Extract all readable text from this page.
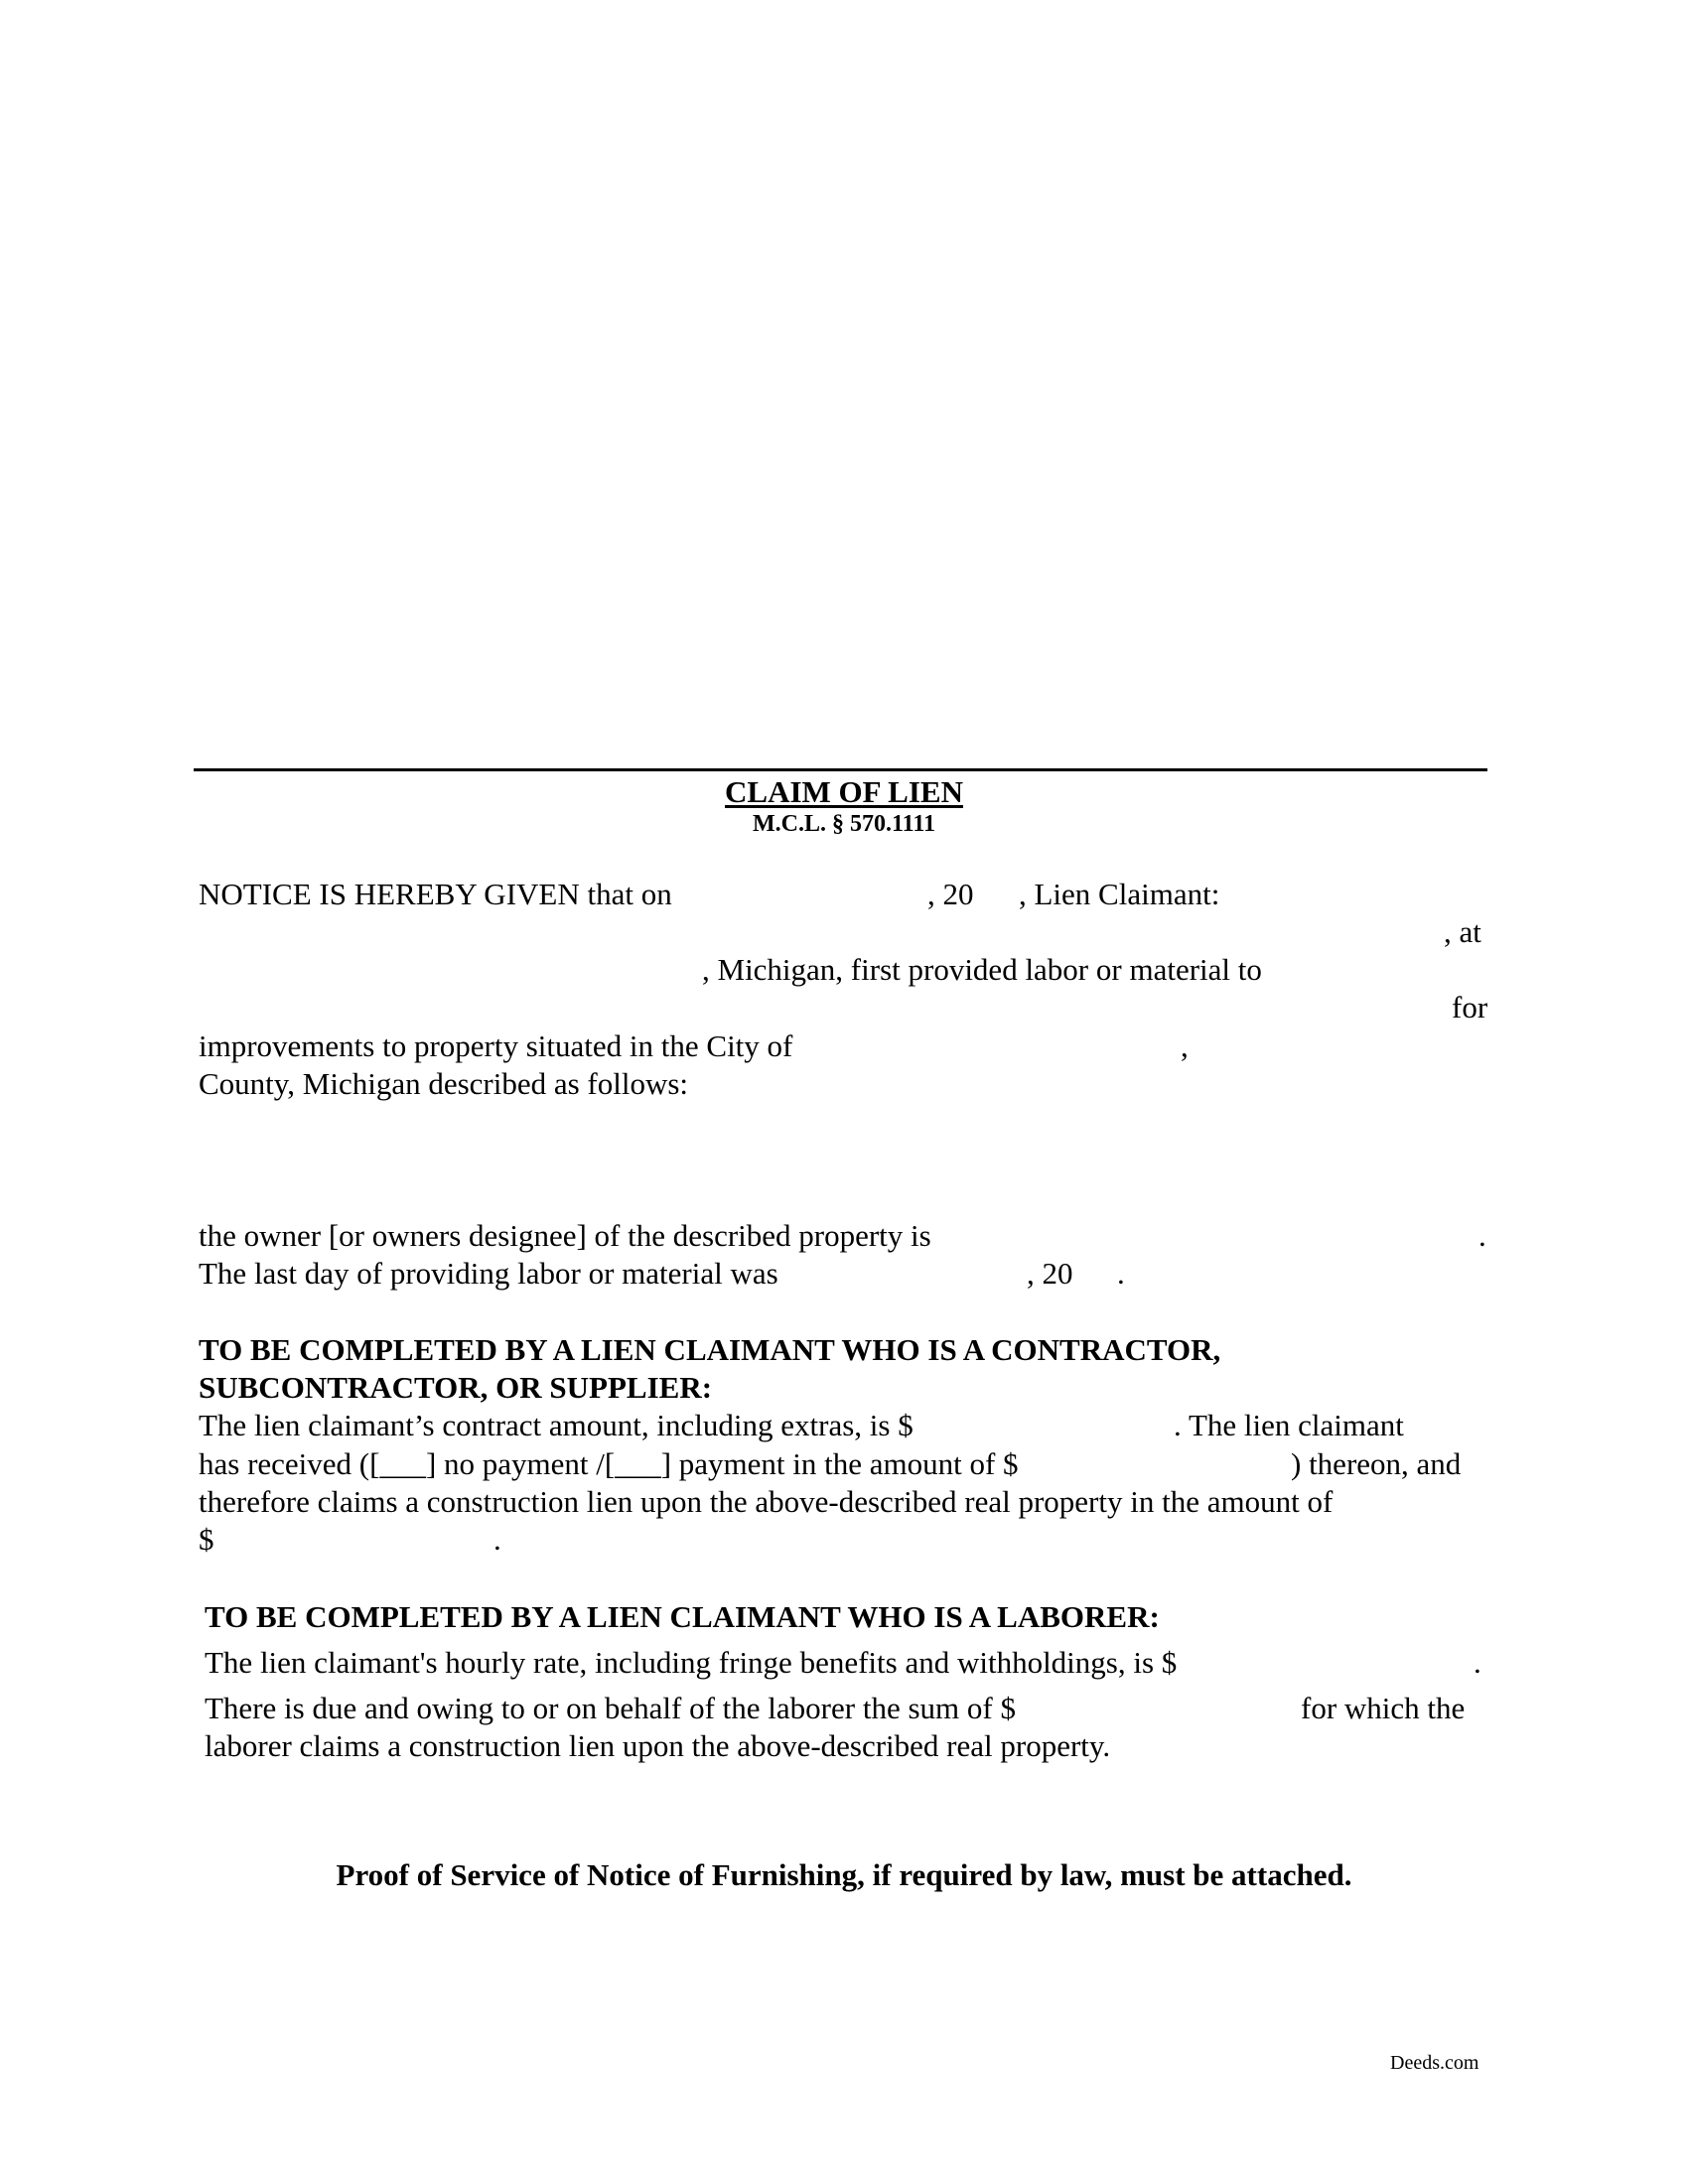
CLAIM OF LIEN
M.C.L. § 570.1111
NOTICE IS HEREBY GIVEN that on	, 20 , Lien Claimant:
, at
, Michigan, first provided labor or material to
for
improvements to property situated in the City of	,
County, Michigan described as follows:
the owner [or owners designee] of the described property is	.
The last day of providing labor or material was	, 20 .
TO BE COMPLETED BY A LIEN CLAIMANT WHO IS A CONTRACTOR,
SUBCONTRACTOR, OR SUPPLIER:
The lien claimant’s contract amount, including extras, is $	. The lien claimant
has received ([___] no payment /[___] payment in the amount of $	) thereon, and
therefore claims a construction lien upon the above-described real property in the amount of
$	.
TO BE COMPLETED BY A LIEN CLAIMANT WHO IS A LABORER:
The lien claimant's hourly rate, including fringe benefits and withholdings, is $	.
There is due and owing to or on behalf of the laborer the sum of $	for which the
laborer claims a construction lien upon the above-described real property.
Proof of Service of Notice of Furnishing, if required by law, must be attached.
Deeds.com
